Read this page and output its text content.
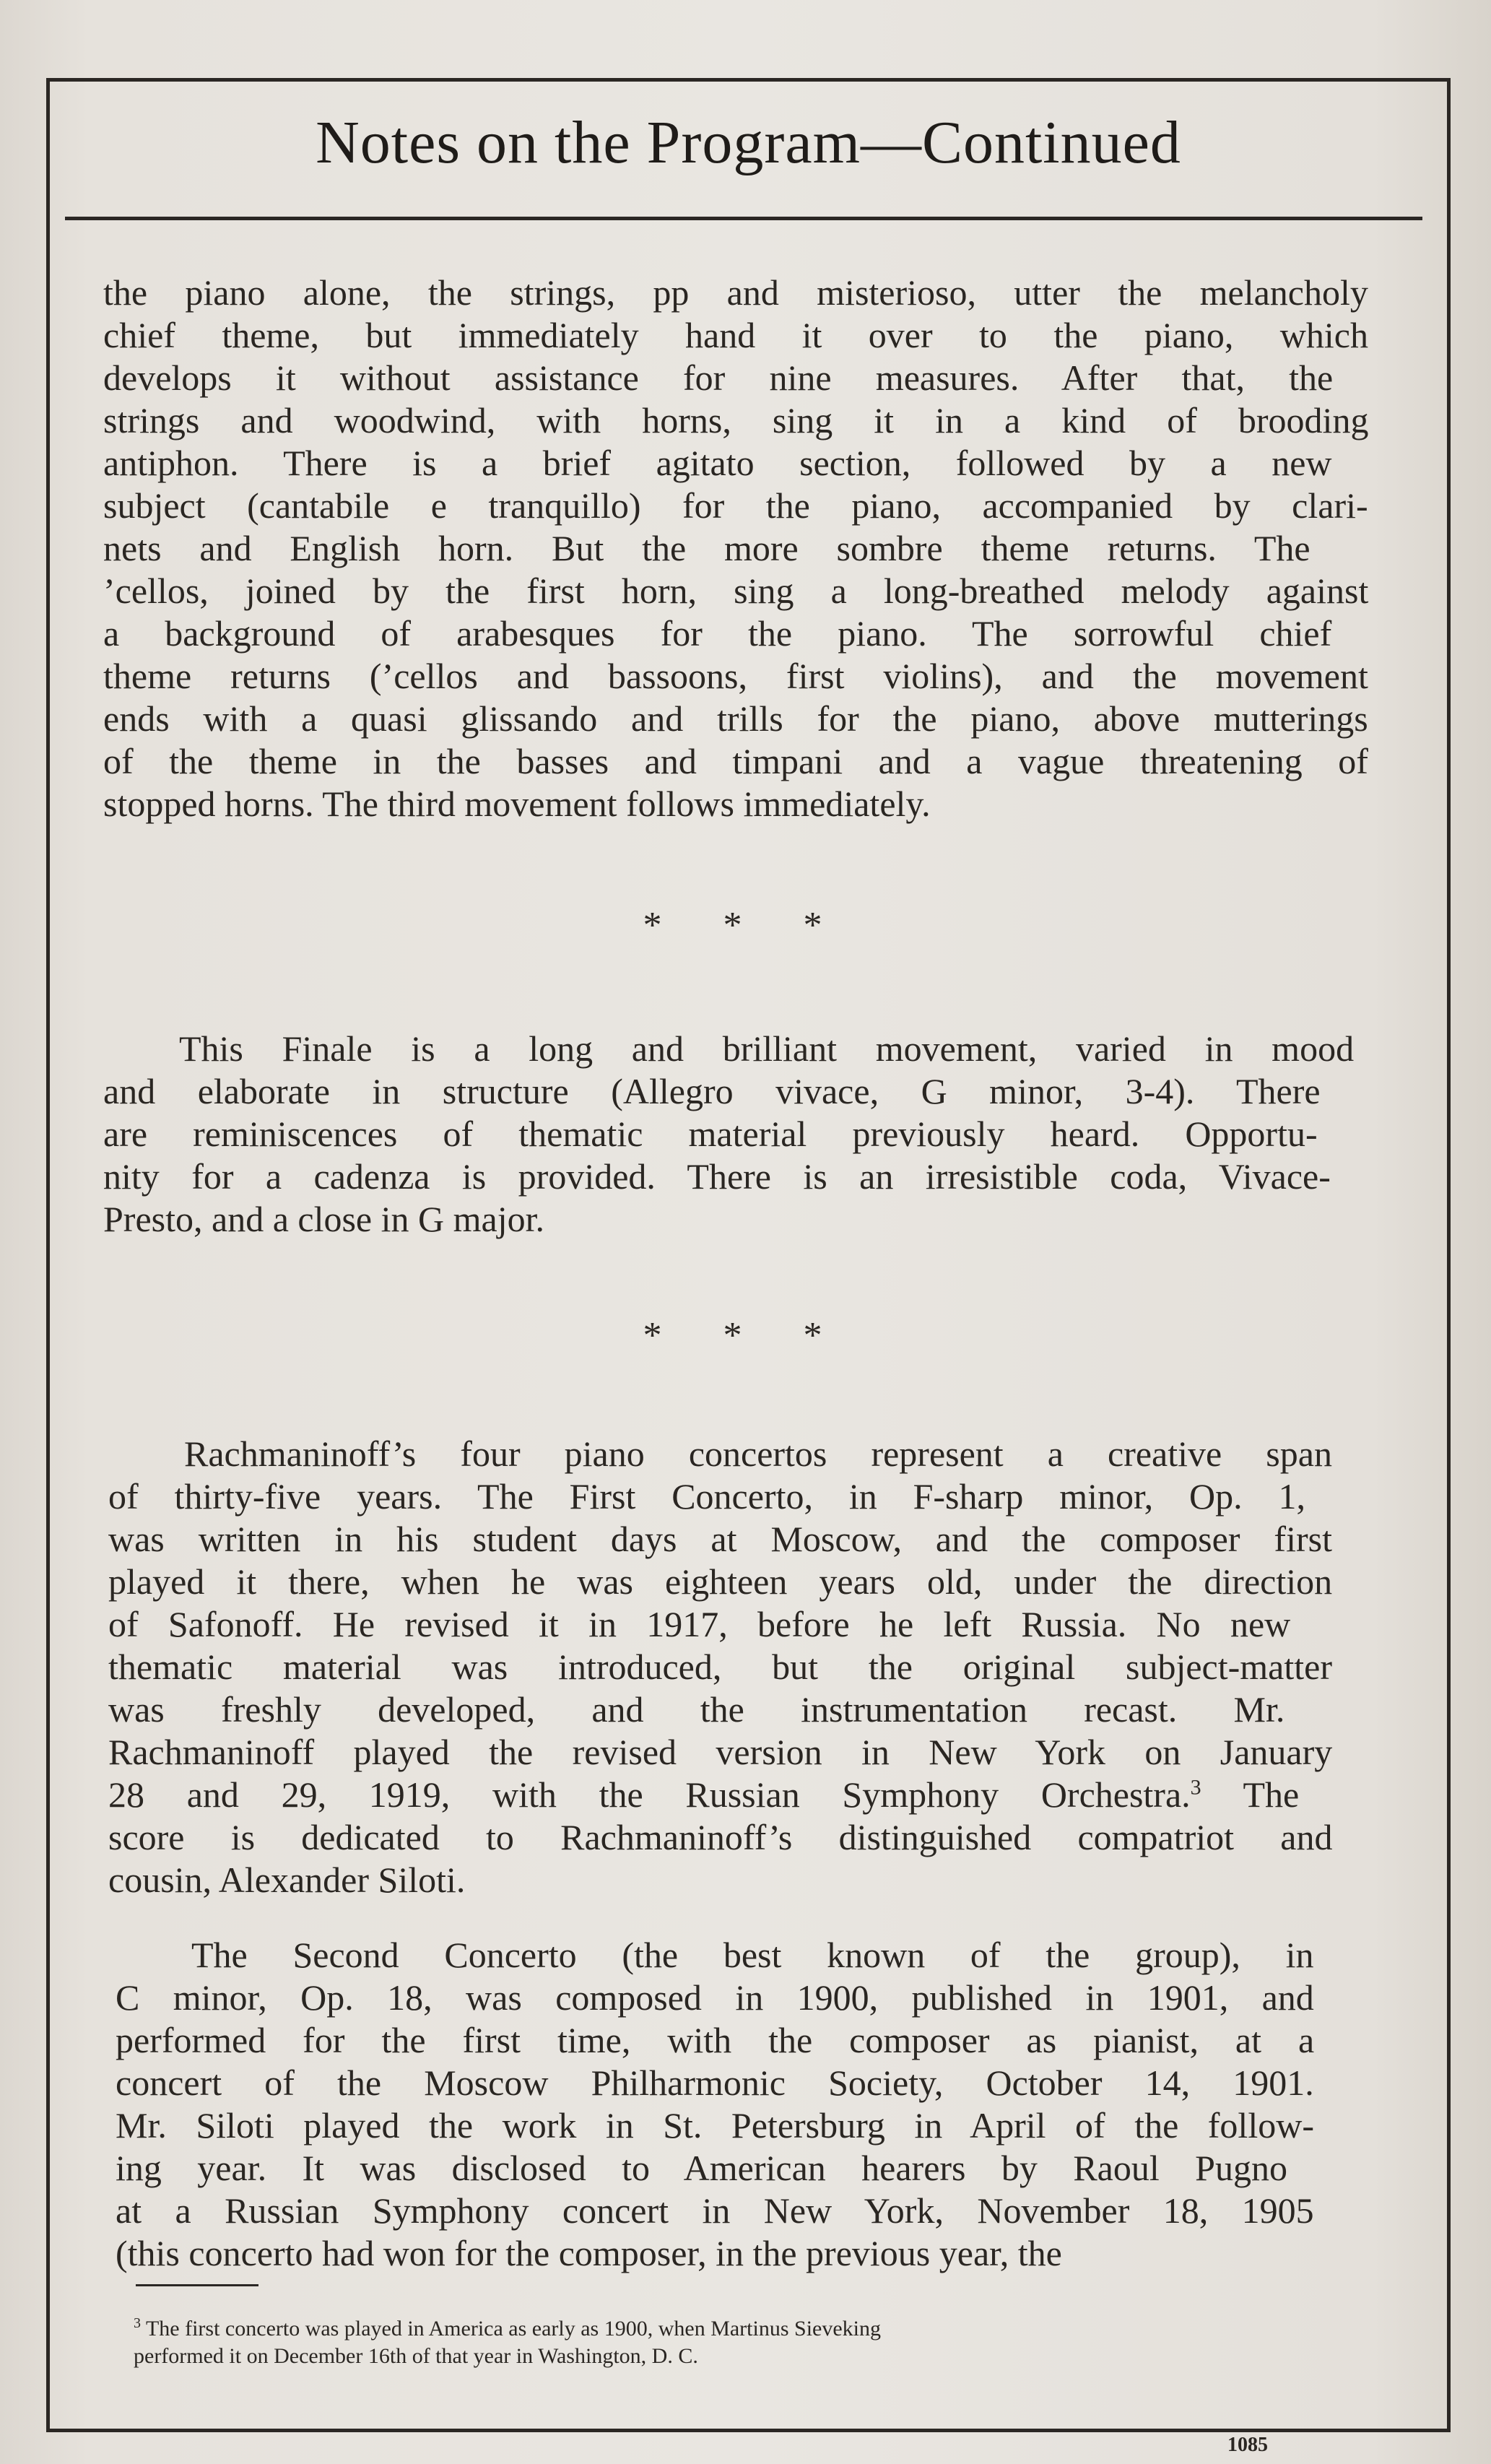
Notes on the Program—Continued
the piano alone, the strings, pp and misterioso, utter the melancholy
chief theme, but immediately hand it over to the piano, which
develops it without assistance for nine measures. After that, the
strings and woodwind, with horns, sing it in a kind of brooding
antiphon. There is a brief agitato section, followed by a new
subject (cantabile e tranquillo) for the piano, accompanied by clari-
nets and English horn. But the more sombre theme returns. The
’cellos, joined by the first horn, sing a long-breathed melody against
a background of arabesques for the piano. The sorrowful chief
theme returns (’cellos and bassoons, first violins), and the movement
ends with a quasi glissando and trills for the piano, above mutterings
of the theme in the basses and timpani and a vague threatening of
stopped horns. The third movement follows immediately.
* * *
This Finale is a long and brilliant movement, varied in mood
and elaborate in structure (Allegro vivace, G minor, 3-4). There
are reminiscences of thematic material previously heard. Opportu-
nity for a cadenza is provided. There is an irresistible coda, Vivace-
Presto, and a close in G major.
* * *
Rachmaninoff’s four piano concertos represent a creative span
of thirty-five years. The First Concerto, in F-sharp minor, Op. 1,
was written in his student days at Moscow, and the composer first
played it there, when he was eighteen years old, under the direction
of Safonoff. He revised it in 1917, before he left Russia. No new
thematic material was introduced, but the original subject-matter
was freshly developed, and the instrumentation recast. Mr.
Rachmaninoff played the revised version in New York on January
28 and 29, 1919, with the Russian Symphony Orchestra.$^3$ The
score is dedicated to Rachmaninoff’s distinguished compatriot and
cousin, Alexander Siloti.
The Second Concerto (the best known of the group), in
C minor, Op. 18, was composed in 1900, published in 1901, and
performed for the first time, with the composer as pianist, at a
concert of the Moscow Philharmonic Society, October 14, 1901.
Mr. Siloti played the work in St. Petersburg in April of the follow-
ing year. It was disclosed to American hearers by Raoul Pugno
at a Russian Symphony concert in New York, November 18, 1905
(this concerto had won for the composer, in the previous year, the
$^3$ The first concerto was played in America as early as 1900, when Martinus Sieveking
performed it on December 16th of that year in Washington, D. C.
1085
